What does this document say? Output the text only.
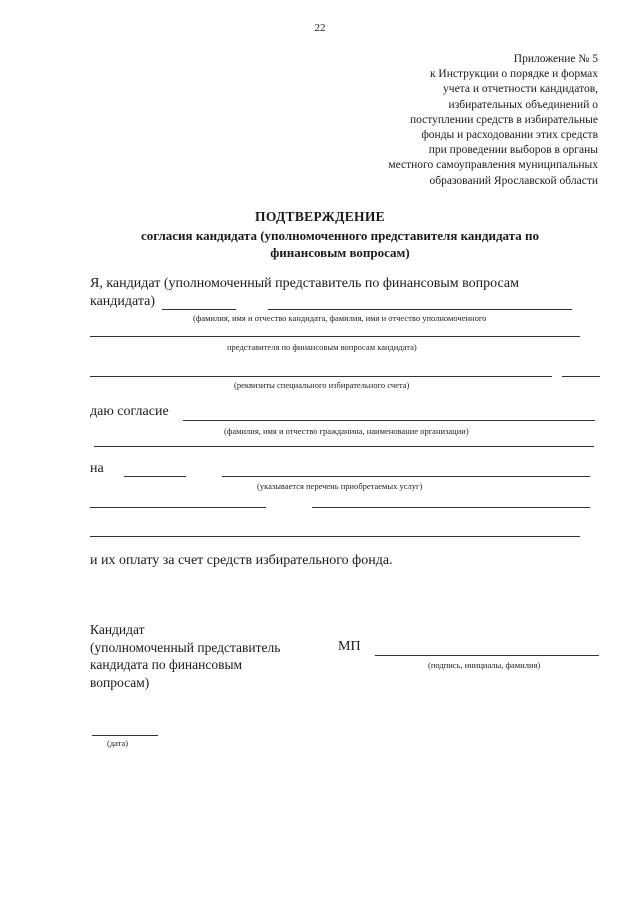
22
Приложение № 5
к Инструкции о порядке и формах
учета и отчетности кандидатов,
избирательных объединений о
поступлении средств в избирательные
фонды и расходовании этих средств
при проведении выборов в органы
местного самоуправления муниципальных
образований Ярославской области
ПОДТВЕРЖДЕНИЕ
согласия кандидата (уполномоченного представителя кандидата по
финансовым вопросам)
Я, кандидат (уполномоченный представитель по финансовым вопросам
кандидата)
(фамилия, имя и отчество кандидата, фамилия, имя и отчество уполномоченного
представителя по финансовым вопросам кандидата)
(реквизиты специального избирательного счета)
даю согласие
(фамилия, имя и отчество гражданина, наименование организации)
на
(указывается перечень приобретаемых услуг)
и их оплату за счет средств избирательного фонда.
Кандидат
(уполномоченный представитель
кандидата по финансовым
вопросам)
МП
(подпись, инициалы, фамилия)
(дата)
